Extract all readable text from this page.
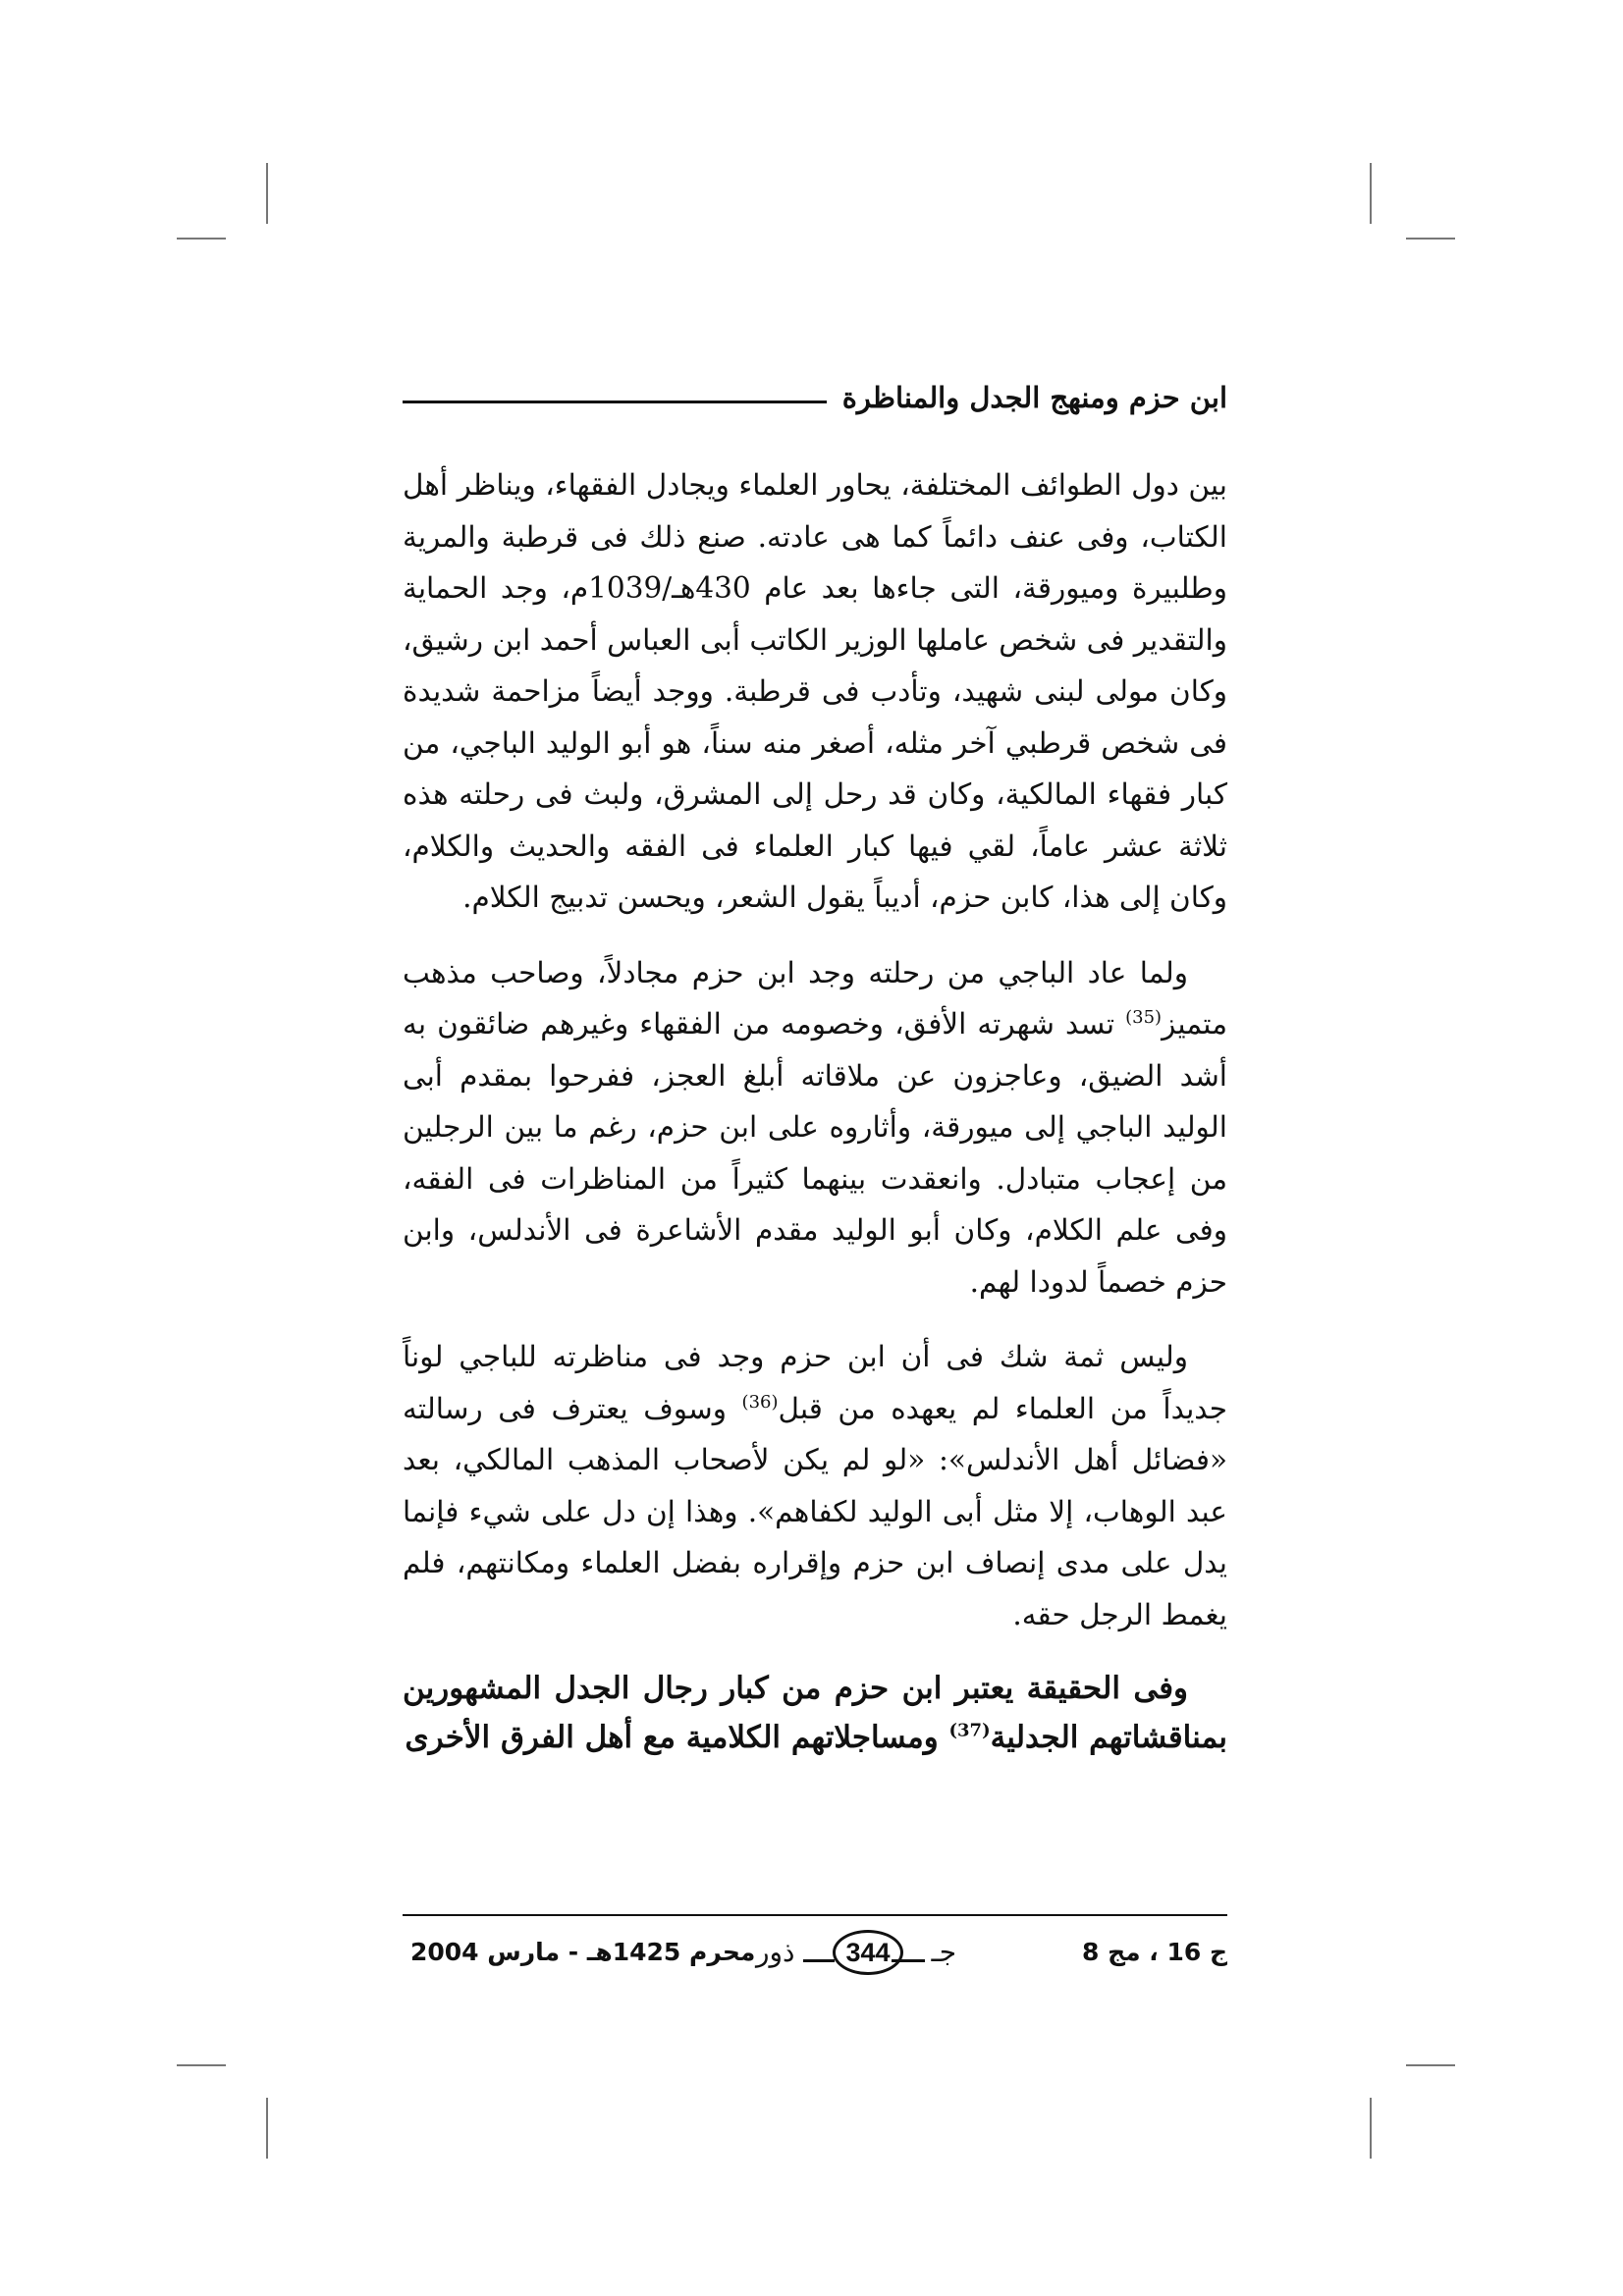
ابن حزم ومنهج الجدل والمناظرة

بين دول الطوائف المختلفة، يحاور العلماء ويجادل الفقهاء، ويناظر أهل الكتاب، وفى عنف دائماً كما هى عادته. صنع ذلك فى قرطبة والمرية وطلبيرة وميورقة، التى جاءها بعد عام 430هـ/1039م، وجد الحماية والتقدير فى شخص عاملها الوزير الكاتب أبى العباس أحمد ابن رشيق، وكان مولى لبنى شهيد، وتأدب فى قرطبة. ووجد أيضاً مزاحمة شديدة فى شخص قرطبي آخر مثله، أصغر منه سناً، هو أبو الوليد الباجي، من كبار فقهاء المالكية، وكان قد رحل إلى المشرق، ولبث فى رحلته هذه ثلاثة عشر عاماً، لقي فيها كبار العلماء فى الفقه والحديث والكلام، وكان إلى هذا، كابن حزم، أديباً يقول الشعر، ويحسن تدبيج الكلام.

ولما عاد الباجي من رحلته وجد ابن حزم مجادلاً، وصاحب مذهب متميز$^{(35)}$ تسد شهرته الأفق، وخصومه من الفقهاء وغيرهم ضائقون به أشد الضيق، وعاجزون عن ملاقاته أبلغ العجز، ففرحوا بمقدم أبى الوليد الباجي إلى ميورقة، وأثاروه على ابن حزم، رغم ما بين الرجلين من إعجاب متبادل. وانعقدت بينهما كثيراً من المناظرات فى الفقه، وفى علم الكلام، وكان أبو الوليد مقدم الأشاعرة فى الأندلس، وابن حزم خصماً لدودا لهم.

وليس ثمة شك فى أن ابن حزم وجد فى مناظرته للباجي لوناً جديداً من العلماء لم يعهده من قبل$^{(36)}$ وسوف يعترف فى رسالته «فضائل أهل الأندلس»: «لو لم يكن لأصحاب المذهب المالكي، بعد عبد الوهاب، إلا مثل أبى الوليد لكفاهم». وهذا إن دل على شيء فإنما يدل على مدى إنصاف ابن حزم وإقراره بفضل العلماء ومكانتهم، فلم يغمط الرجل حقه.

وفى الحقيقة يعتبر ابن حزم من كبار رجال الجدل المشهورين بمناقشاتهم الجدلية$^{(37)}$ ومساجلاتهم الكلامية مع أهل الفرق الأخرى

ج 16 ، مج 8
جـ
344
ذور
محرم 1425هـ - مارس 2004
